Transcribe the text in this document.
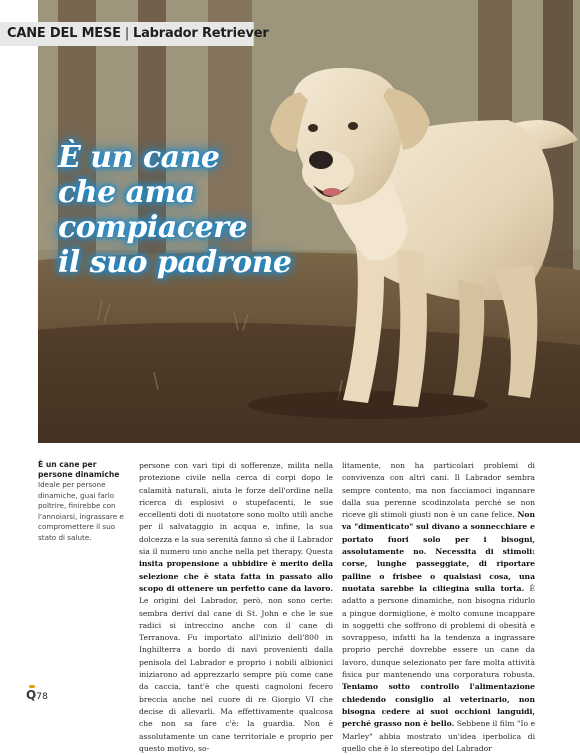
CANE DEL MESE | Labrador Retriever
È un cane
che ama
compiacere
il suo padrone
È un cane per persone dinamiche
Ideale per persone dinamiche, guai farlo poltrire, finirebbe con l'annoiarsi, ingrassare e compromettere il suo stato di salute.

persone con vari tipi di sofferenze, milita nella protezione civile nella cerca di corpi dopo le calamità naturali, aiuta le forze dell'ordine nella ricerca di esplosivi o stupefacenti, le sue eccellenti doti di nuotatore sono molto utili anche per il salvataggio in acqua e, infine, la sua dolcezza e la sua serenità fanno sì che il Labrador sia il numero uno anche nella pet therapy. Questa insita propensione a ubbidire è merito della selezione che è stata fatta in passato allo scopo di ottenere un perfetto cane da lavoro. Le origini del Labrador, però, non sono certe: sembra derivi dal cane di St. John e che le sue radici si intreccino anche con il cane di Terranova. Fu importato all'inizio dell'800 in Inghilterra a bordo di navi provenienti dalla penisola del Labrador e proprio i nobili albionici iniziarono ad apprezzarlo sempre più come cane da caccia, tant'è che questi cagnoloni fecero breccia anche nel cuore di re Giorgio VI che decise di allevarli. Ma effettivamente qualcosa che non sa fare c'è: la guardia. Non è assolutamente un cane territoriale e proprio per questo motivo, so-

litamente, non ha particolari problemi di convivenza con altri cani. Il Labrador sembra sempre contento, ma non facciamoci ingannare dalla sua perenne scodinzolata perché se non riceve gli stimoli giusti non è un cane felice. Non va "dimenticato" sul divano a sonnecchiare e portato fuori solo per i bisogni, assolutamente no. Necessita di stimoli: corse, lunghe passeggiate, di riportare palline o frisbee o qualsiasi cosa, una nuotata sarebbe la ciliegina sulla torta. È adatto a persone dinamiche, non bisogna ridurlo a pingue dormiglione, è molto comune incappare in soggetti che soffrono di problemi di obesità e sovrappeso, infatti ha la tendenza a ingrassare proprio perché dovrebbe essere un cane da lavoro, dunque selezionato per fare molta attività fisica pur mantenendo una corporatura robusta. Teniamo sotto controllo l'alimentazione chiedendo consiglio al veterinario, non bisogna cedere ai suoi occhioni languidi, perché grasso non è bello. Sebbene il film "Io e Marley" abbia mostrato un'idea iperbolica di quello che è lo stereotipo del Labrador

Q78
